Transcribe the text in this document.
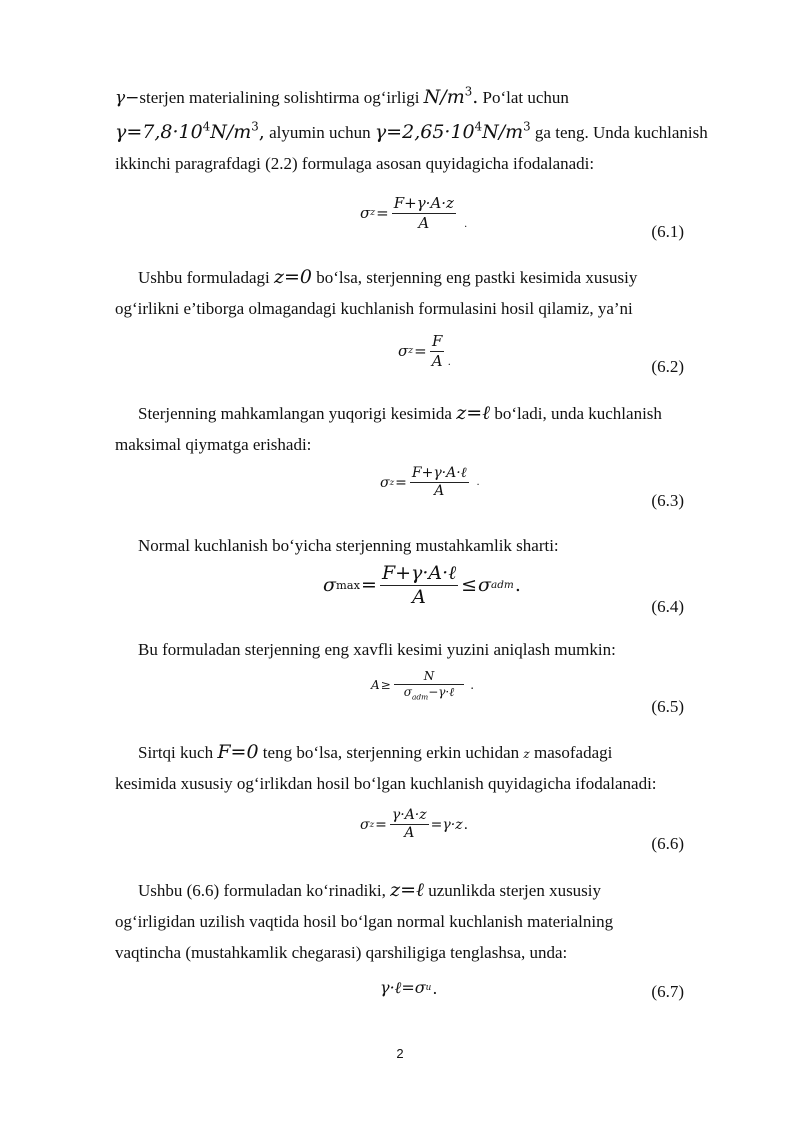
γ−sterjen materialining solishtirma og‘irligi $N/m^3$. Po‘lat uchun
$\gamma=7,8\cdot 10^4N/m^3$, alyumin uchun $\gamma=2,65\cdot 10^4N/m^3$ ga teng. Unda kuchlanish
ikkinchi paragrafdagi (2.2) formulaga asosan quyidagicha ifodalanadi:
σ $z = \frac{F+\gamma\cdot A\cdot z}{A}$ .	(6.1)
Ushbu formuladagi z=0 bo‘lsa, sterjenning eng pastki kesimida xususiy
og‘irlikni e’tiborga olmagandagi kuchlanish formulasini hosil qilamiz, ya’ni
σ $z = \frac{F}{A}$ .	(6.2)
Sterjenning mahkamlangan yuqorigi kesimida z=ℓ bo‘ladi, unda kuchlanish
maksimal qiymatga erishadi:
σ $z = \frac{\text{F+γ·A·ℓ}}{A}$ .
(6.3)
Normal kuchlanish bo‘yicha sterjenning mustahkamlik sharti:
σ $\max = \frac{\text{F+γ·A·ℓ}}{A} \le \sigma$ adm .
(6.4)
Bu formuladan sterjenning eng xavfli kesimi yuzini aniqlash mumkin:
$A \ge \frac{N}{\sigma_{adm}-\gamma\cdot\ell}$ .
(6.5)
Sirtqi kuch F=0 teng bo‘lsa, sterjenning erkin uchidan z masofadagi
kesimida xususiy og‘irlikdan hosil bo‘lgan kuchlanish quyidagicha ifodalanadi:
σ $z = \frac{\gamma\cdot A\cdot z}{A} =\gamma\cdot z$ .
(6.6)
Ushbu (6.6) formuladan ko‘rinadiki, z=ℓ uzunlikda sterjen xususiy
og‘irligidan uzilish vaqtida hosil bo‘lgan normal kuchlanish materialning
vaqtincha (mustahkamlik chegarasi) qarshiligiga tenglashsa, unda:
γ·ℓ=σ u .	(6.7)
2
